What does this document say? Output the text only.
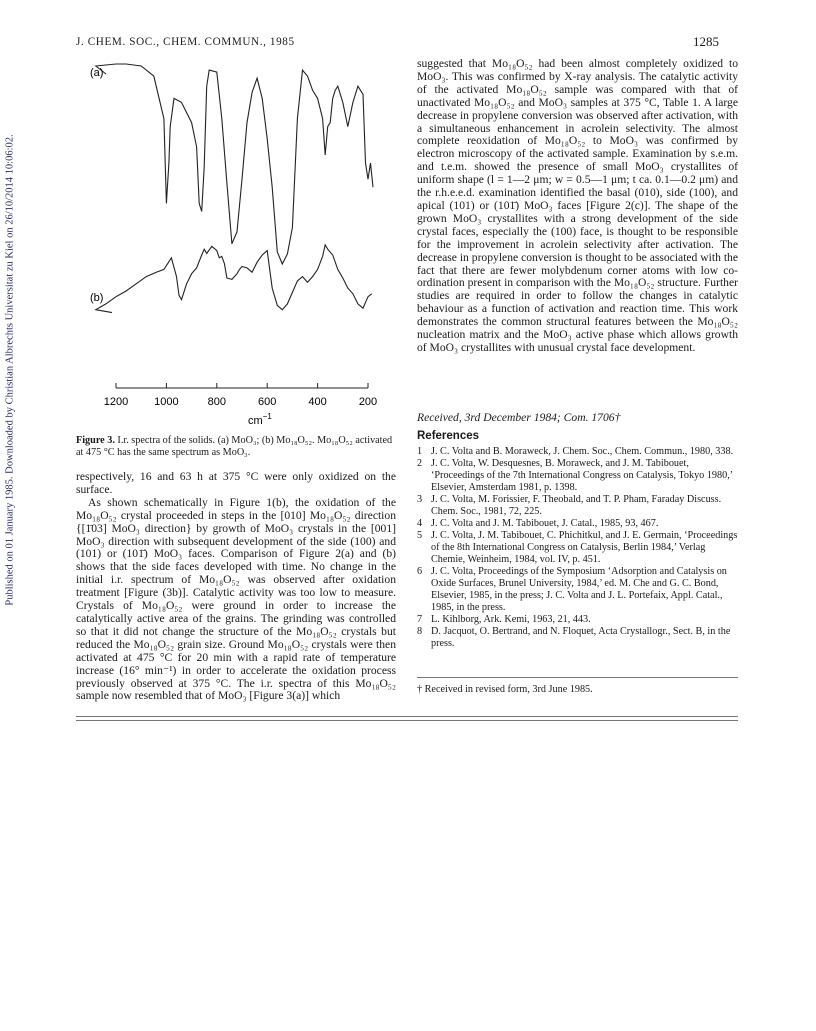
Published on 01 January 1985. Downloaded by Christian Albrechts Universitat zu Kiel on 26/10/2014 10:06:02.
J. CHEM. SOC., CHEM. COMMUN., 1985	1285
1200 1000	800	600	400	200
(a)
(b)
$cm^{-1}$
Figure 3. I.r. spectra of the solids. (a) MoO₃; (b) Mo₁₈O₅₂. Mo₁₈O₅₂ activated at 475 °C has the same spectrum as MoO₃.

respectively, 16 and 63 h at 375 °C were only oxidized on the surface.

As shown schematically in Figure 1(b), the oxidation of the Mo₁₈O₅₂ crystal proceeded in steps in the [010] Mo₁₈O₅₂ direction {[1̄03] MoO₃ direction} by growth of MoO₃ crystals in the [001] MoO₃ direction with subsequent development of the side (100) and (101) or (101̄) MoO₃ faces. Comparison of Figure 2(a) and (b) shows that the side faces developed with time. No change in the initial i.r. spectrum of Mo₁₈O₅₂ was observed after oxidation treatment [Figure (3b)]. Catalytic activity was too low to measure. Crystals of Mo₁₈O₅₂ were ground in order to increase the catalytically active area of the grains. The grinding was controlled so that it did not change the structure of the Mo₁₈O₅₂ crystals but reduced the Mo₁₈O₅₂ grain size. Ground Mo₁₈O₅₂ crystals were then activated at 475 °C for 20 min with a rapid rate of temperature increase (16° min⁻¹) in order to accelerate the oxidation process previously observed at 375 °C. The i.r. spectra of this Mo₁₈O₅₂ sample now resembled that of MoO₃ [Figure 3(a)] which

suggested that Mo₁₈O₅₂ had been almost completely oxidized to MoO₃. This was confirmed by X-ray analysis. The catalytic activity of the activated Mo₁₈O₅₂ sample was compared with that of unactivated Mo₁₈O₅₂ and MoO₃ samples at 375 °C, Table 1. A large decrease in propylene conversion was observed after activation, with a simultaneous enhancement in acrolein selectivity. The almost complete reoxidation of Mo₁₈O₅₂ to MoO₃ was confirmed by electron microscopy of the activated sample. Examination by s.e.m. and t.e.m. showed the presence of small MoO₃ crystallites of uniform shape (l = 1—2 μm; w = 0.5—1 μm; t ca. 0.1—0.2 μm) and the r.h.e.e.d. examination identified the basal (010), side (100), and apical (101) or (101̄) MoO₃ faces [Figure 2(c)]. The shape of the grown MoO₃ crystallites with a strong development of the side crystal faces, especially the (100) face, is thought to be responsible for the improvement in acrolein selectivity after activation. The decrease in propylene conversion is thought to be associated with the fact that there are fewer molybdenum corner atoms with low co-ordination present in comparison with the Mo₁₈O₅₂ structure. Further studies are required in order to follow the changes in catalytic behaviour as a function of activation and reaction time. This work demonstrates the common structural features between the Mo₁₈O₅₂ nucleation matrix and the MoO₃ active phase which allows growth of MoO₃ crystallites with unusual crystal face development.

Received, 3rd December 1984; Com. 1706†
References

1 J. C. Volta and B. Moraweck, J. Chem. Soc., Chem. Commun., 1980, 338.

2 J. C. Volta, W. Desquesnes, B. Moraweck, and J. M. Tabibouet, ‘Proceedings of the 7th International Congress on Catalysis, Tokyo 1980,’ Elsevier, Amsterdam 1981, p. 1398.

3 J. C. Volta, M. Forissier, F. Theobald, and T. P. Pham, Faraday Discuss. Chem. Soc., 1981, 72, 225.

4 J. C. Volta and J. M. Tabibouet, J. Catal., 1985, 93, 467.

5 J. C. Volta, J. M. Tabibouet, C. Phichitkul, and J. E. Germain, ‘Proceedings of the 8th International Congress on Catalysis, Berlin 1984,’ Verlag Chemie, Weinheim, 1984, vol. IV, p. 451.

6 J. C. Volta, Proceedings of the Symposium ‘Adsorption and Catalysis on Oxide Surfaces, Brunel University, 1984,’ ed. M. Che and G. C. Bond, Elsevier, 1985, in the press; J. C. Volta and J. L. Portefaix, Appl. Catal., 1985, in the press.

7 L. Kihlborg, Ark. Kemi, 1963, 21, 443.

8 D. Jacquot, O. Bertrand, and N. Floquet, Acta Crystallogr., Sect. B, in the press.

† Received in revised form, 3rd June 1985.
